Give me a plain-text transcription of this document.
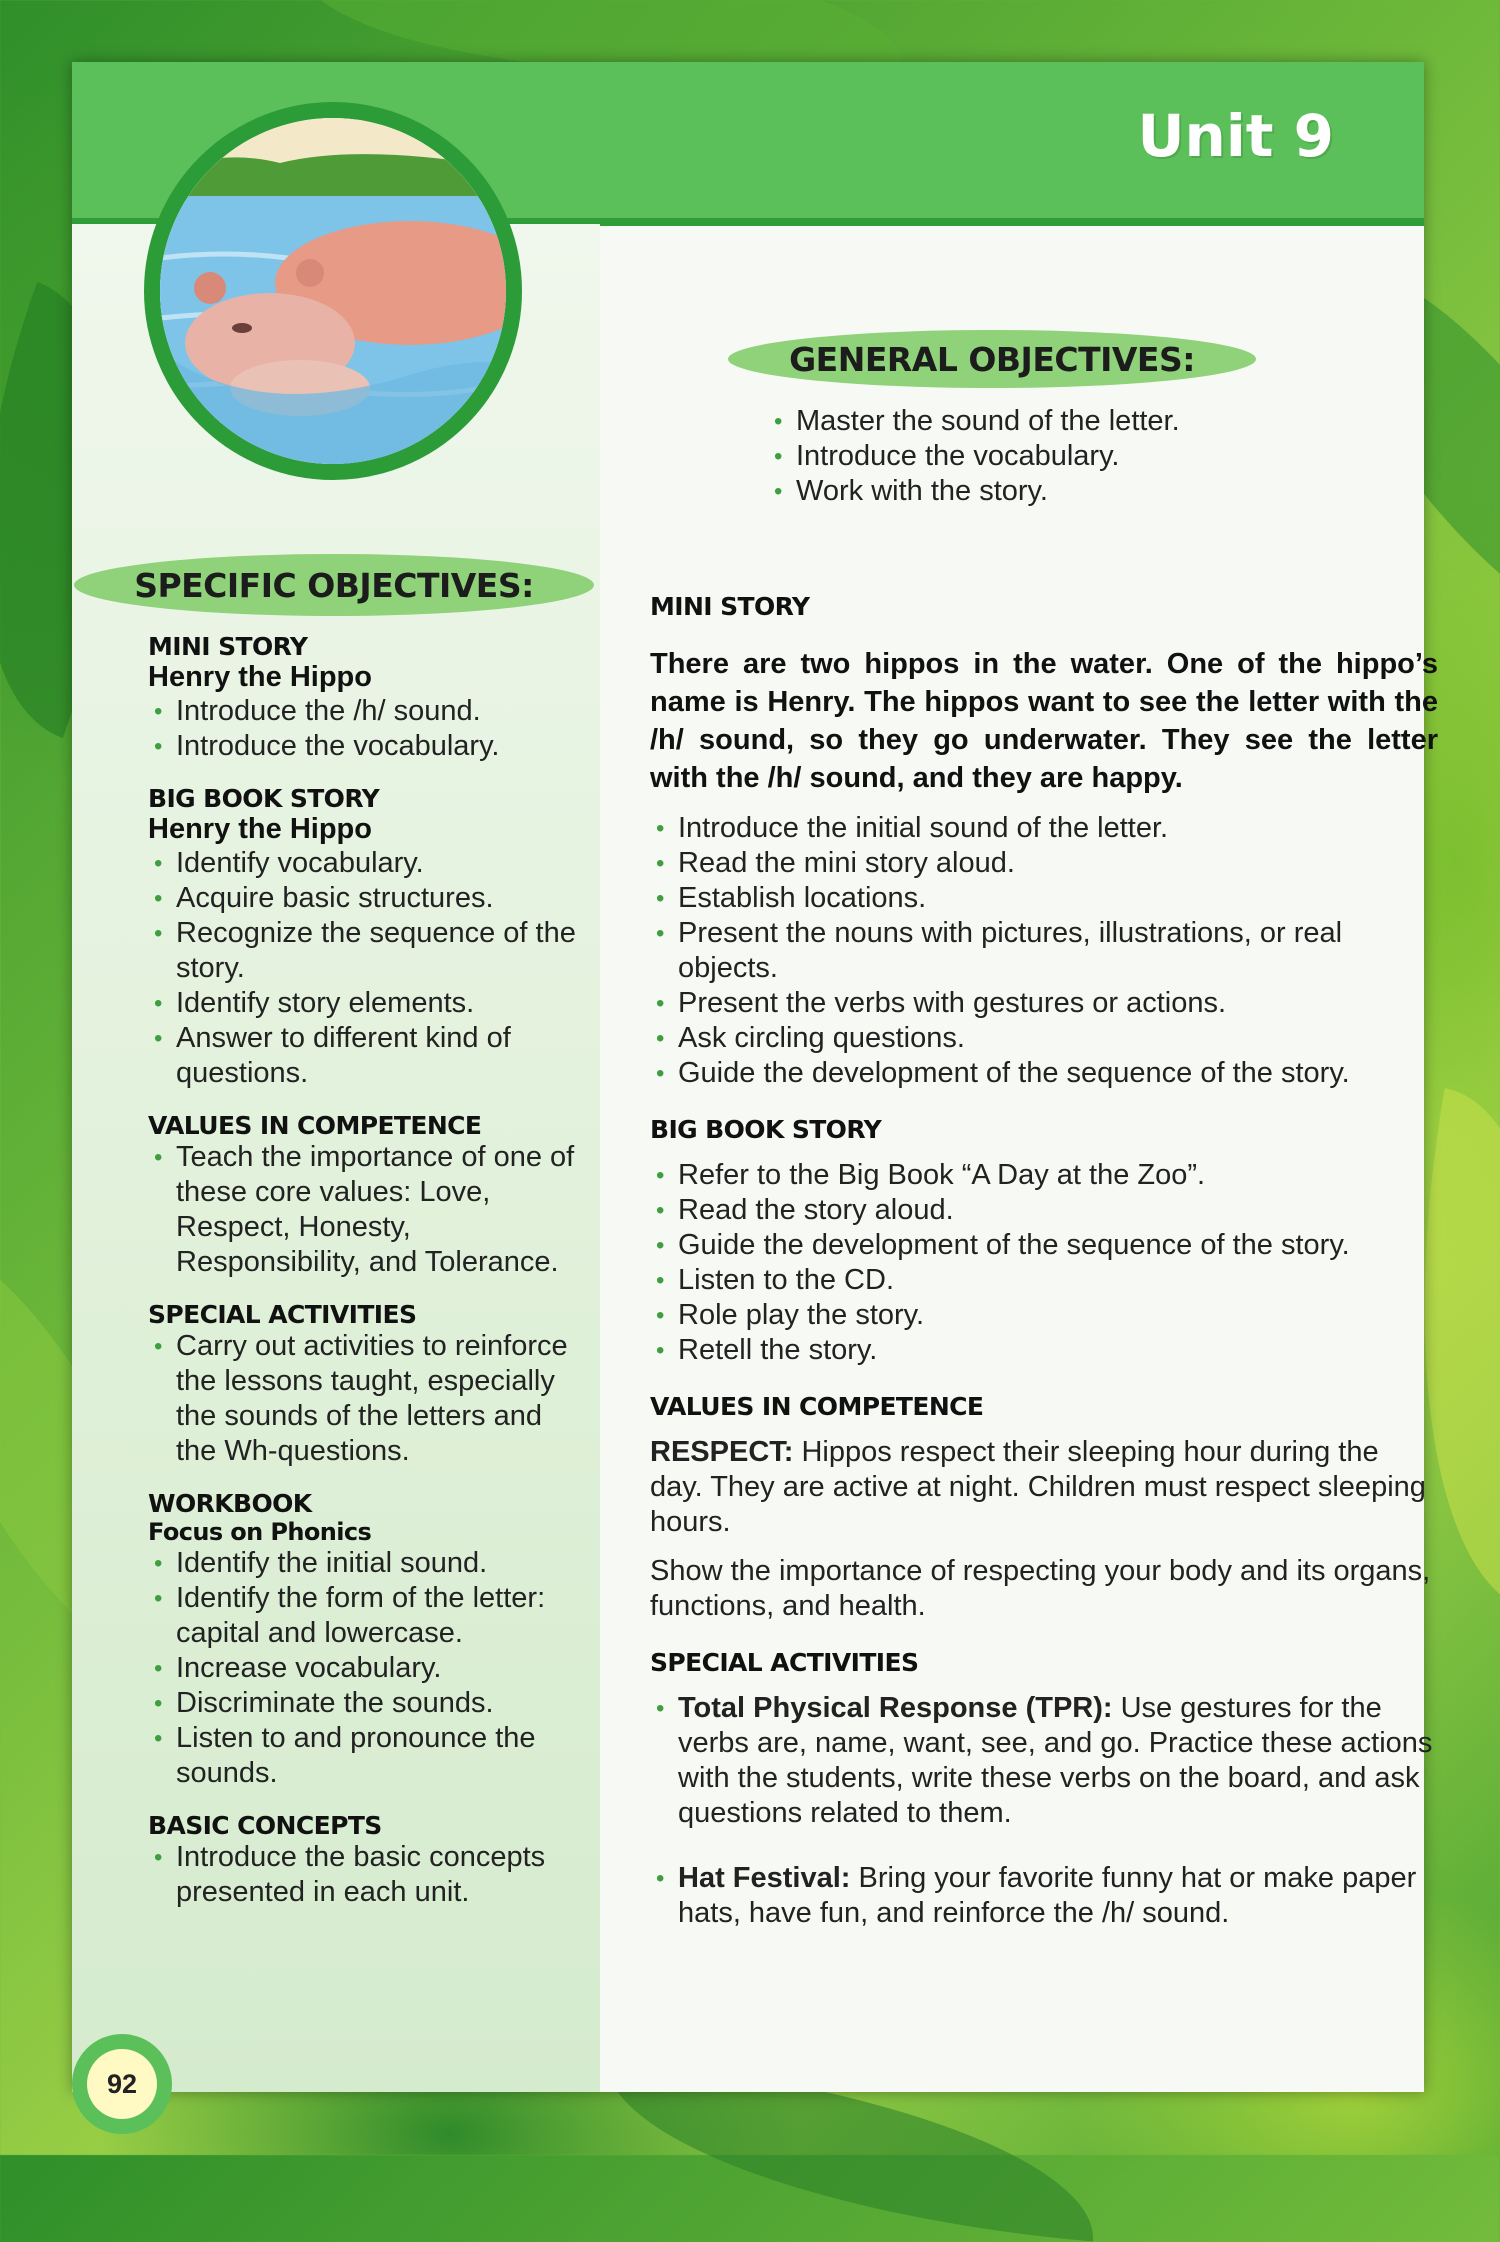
Unit 9
GENERAL OBJECTIVES:
• Master the sound of the letter.
• Introduce the vocabulary.
• Work with the story.
SPECIFIC OBJECTIVES:

MINI STORY

Henry the Hippo

• Introduce the /h/ sound.
• Introduce the vocabulary.

BIG BOOK STORY

Henry the Hippo

• Identify vocabulary.
• Acquire basic structures.
• Recognize the sequence of the story.
• Identify story elements.
• Answer to different kind of questions.

VALUES IN COMPETENCE

• Teach the importance of one of these core values: Love, Respect, Honesty, Responsibility, and Tolerance.

SPECIAL ACTIVITIES

• Carry out activities to reinforce the lessons taught, especially the sounds of the letters and the Wh-questions.

WORKBOOK

Focus on Phonics

• Identify the initial sound.
• Identify the form of the letter: capital and lowercase.
• Increase vocabulary.
• Discriminate the sounds.
• Listen to and pronounce the sounds.

BASIC CONCEPTS

• Introduce the basic concepts presented in each unit.

MINI STORY

There are two hippos in the water. One of the hippo’s name is Henry. The hippos want to see the letter with the /h/ sound, so they go underwater. They see the letter with the /h/ sound, and they are happy.

• Introduce the initial sound of the letter.
• Read the mini story aloud.
• Establish locations.
• Present the nouns with pictures, illustrations, or real objects.
• Present the verbs with gestures or actions.
• Ask circling questions.
• Guide the development of the sequence of the story.

BIG BOOK STORY

• Refer to the Big Book “A Day at the Zoo”.
• Read the story aloud.
• Guide the development of the sequence of the story.
• Listen to the CD.
• Role play the story.
• Retell the story.

VALUES IN COMPETENCE

RESPECT: Hippos respect their sleeping hour during the day. They are active at night. Children must respect sleeping hours.

Show the importance of respecting your body and its organs, functions, and health.

SPECIAL ACTIVITIES

• Total Physical Response (TPR): Use gestures for the verbs are, name, want, see, and go. Practice these actions with the students, write these verbs on the board, and ask questions related to them.
• Hat Festival: Bring your favorite funny hat or make paper hats, have fun, and reinforce the /h/ sound.
92
